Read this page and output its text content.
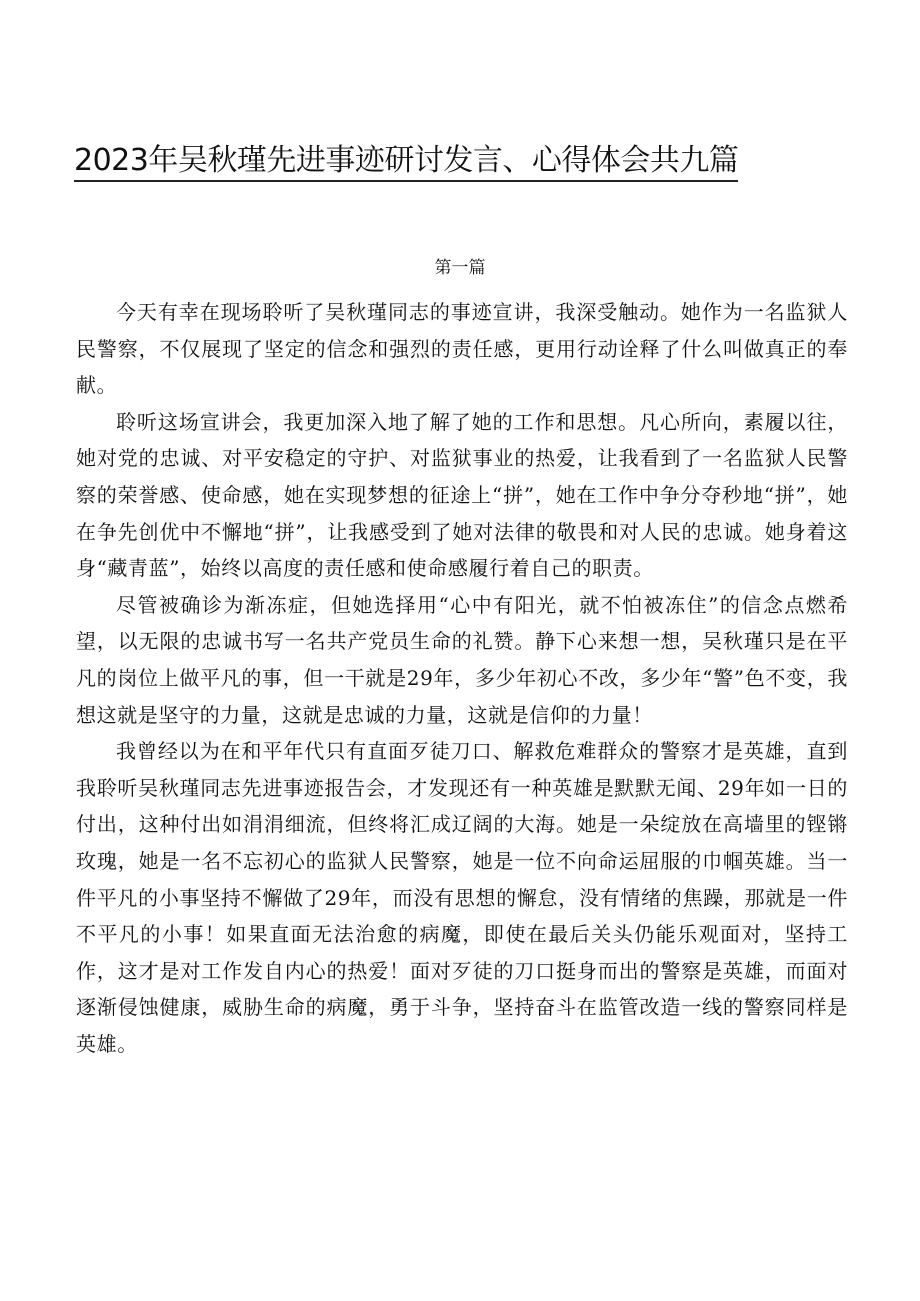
2023年吴秋瑾先进事迹研讨发言、心得体会共九篇
第一篇

今天有幸在现场聆听了吴秋瑾同志的事迹宣讲，我深受触动。她作为一名监狱人民警察，不仅展现了坚定的信念和强烈的责任感，更用行动诠释了什么叫做真正的奉献。

聆听这场宣讲会，我更加深入地了解了她的工作和思想。凡心所向，素履以往，她对党的忠诚、对平安稳定的守护、对监狱事业的热爱，让我看到了一名监狱人民警察的荣誉感、使命感，她在实现梦想的征途上“拼”，她在工作中争分夺秒地“拼”，她在争先创优中不懈地“拼”，让我感受到了她对法律的敬畏和对人民的忠诚。她身着这身“藏青蓝”，始终以高度的责任感和使命感履行着自己的职责。

尽管被确诊为渐冻症，但她选择用“心中有阳光，就不怕被冻住”的信念点燃希望，以无限的忠诚书写一名共产党员生命的礼赞。静下心来想一想，吴秋瑾只是在平凡的岗位上做平凡的事，但一干就是29年，多少年初心不改，多少年“警”色不变，我想这就是坚守的力量，这就是忠诚的力量，这就是信仰的力量！

我曾经以为在和平年代只有直面歹徒刀口、解救危难群众的警察才是英雄，直到我聆听吴秋瑾同志先进事迹报告会，才发现还有一种英雄是默默无闻、29年如一日的付出，这种付出如涓涓细流，但终将汇成辽阔的大海。她是一朵绽放在高墙里的铿锵玫瑰，她是一名不忘初心的监狱人民警察，她是一位不向命运屈服的巾帼英雄。当一件平凡的小事坚持不懈做了29年，而没有思想的懈怠，没有情绪的焦躁，那就是一件不平凡的小事！如果直面无法治愈的病魔，即使在最后关头仍能乐观面对，坚持工作，这才是对工作发自内心的热爱！面对歹徒的刀口挺身而出的警察是英雄，而面对逐渐侵蚀健康，威胁生命的病魔，勇于斗争，坚持奋斗在监管改造一线的警察同样是英雄。
